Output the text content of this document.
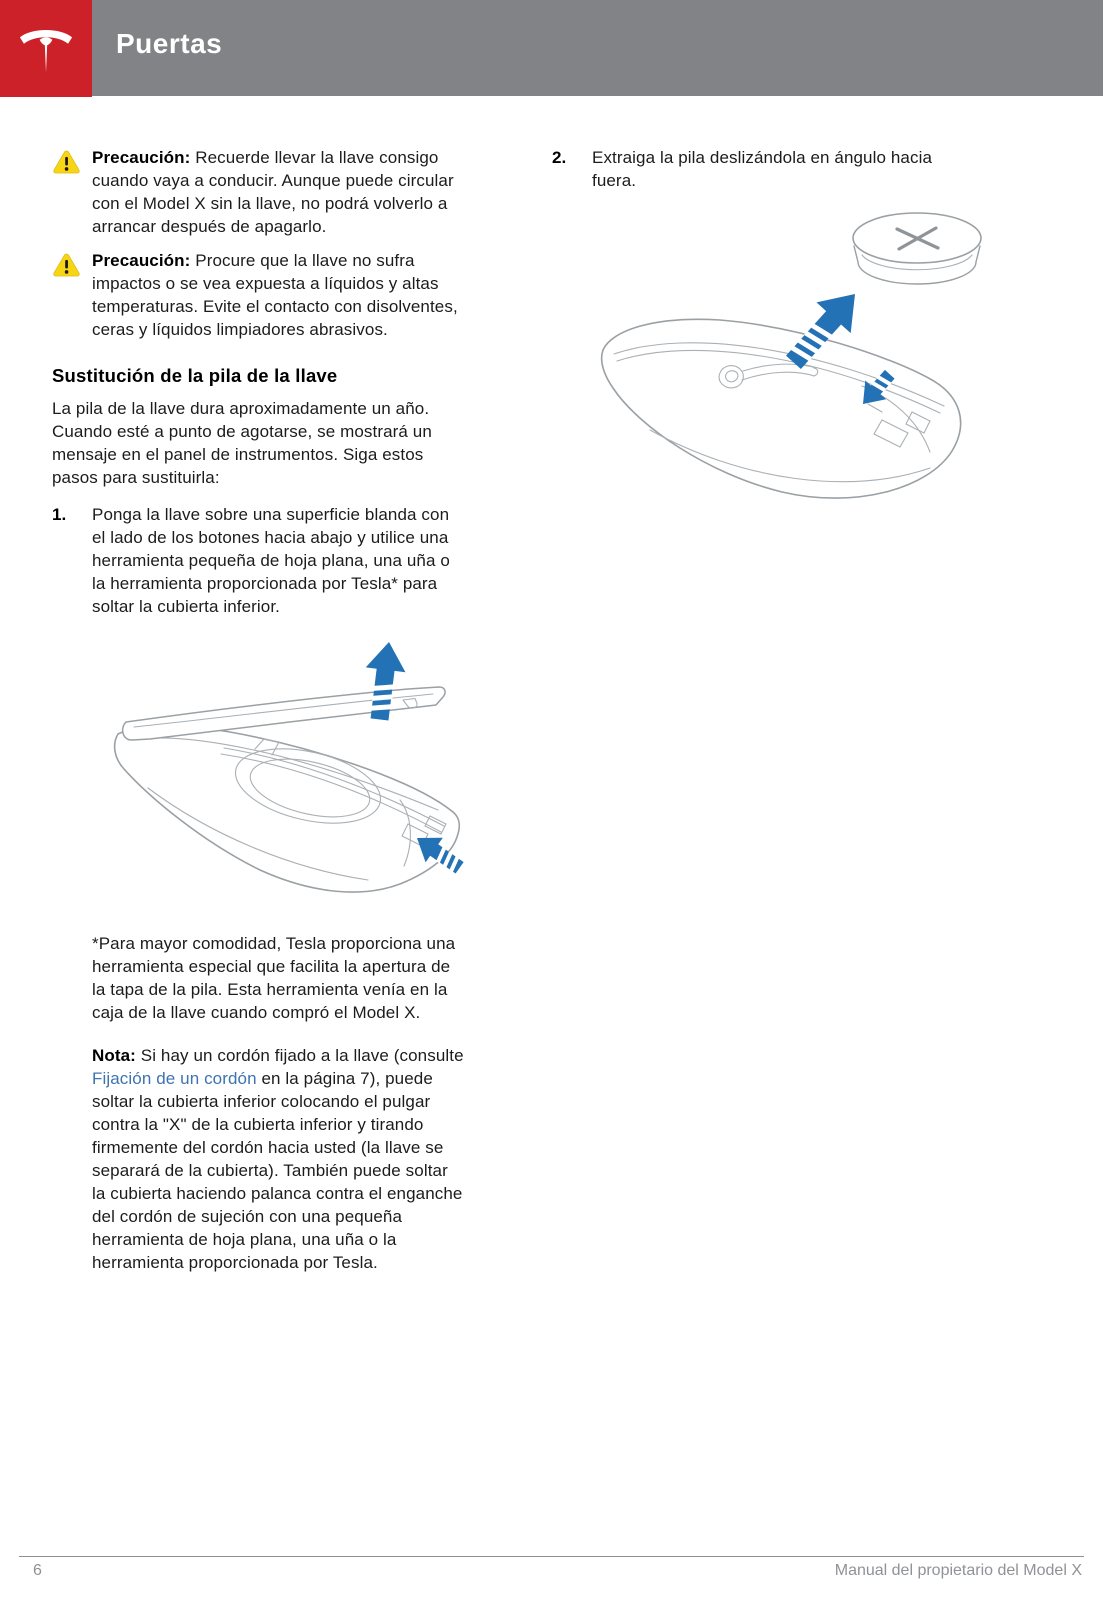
Puertas

Precaución: Recuerde llevar la llave consigo cuando vaya a conducir. Aunque puede circular con el Model X sin la llave, no podrá volverlo a arrancar después de apagarlo.

Precaución: Procure que la llave no sufra impactos o se vea expuesta a líquidos y altas temperaturas. Evite el contacto con disolventes, ceras y líquidos limpiadores abrasivos.

Sustitución de la pila de la llave

La pila de la llave dura aproximadamente un año. Cuando esté a punto de agotarse, se mostrará un mensaje en el panel de instrumentos. Siga estos pasos para sustituirla:

1.	Ponga la llave sobre una superficie blanda con el lado de los botones hacia abajo y utilice una herramienta pequeña de hoja plana, una uña o la herramienta proporcionada por Tesla* para soltar la cubierta inferior.

*Para mayor comodidad, Tesla proporciona una herramienta especial que facilita la apertura de la tapa de la pila. Esta herramienta venía en la caja de la llave cuando compró el Model X.

Nota: Si hay un cordón fijado a la llave (consulte Fijación de un cordón en la página 7), puede soltar la cubierta inferior colocando el pulgar contra la "X" de la cubierta inferior y tirando firmemente del cordón hacia usted (la llave se separará de la cubierta). También puede soltar la cubierta haciendo palanca contra el enganche del cordón de sujeción con una pequeña herramienta de hoja plana, una uña o la herramienta proporcionada por Tesla.

2.	Extraiga la pila deslizándola en ángulo hacia fuera.

6	Manual del propietario del Model X
